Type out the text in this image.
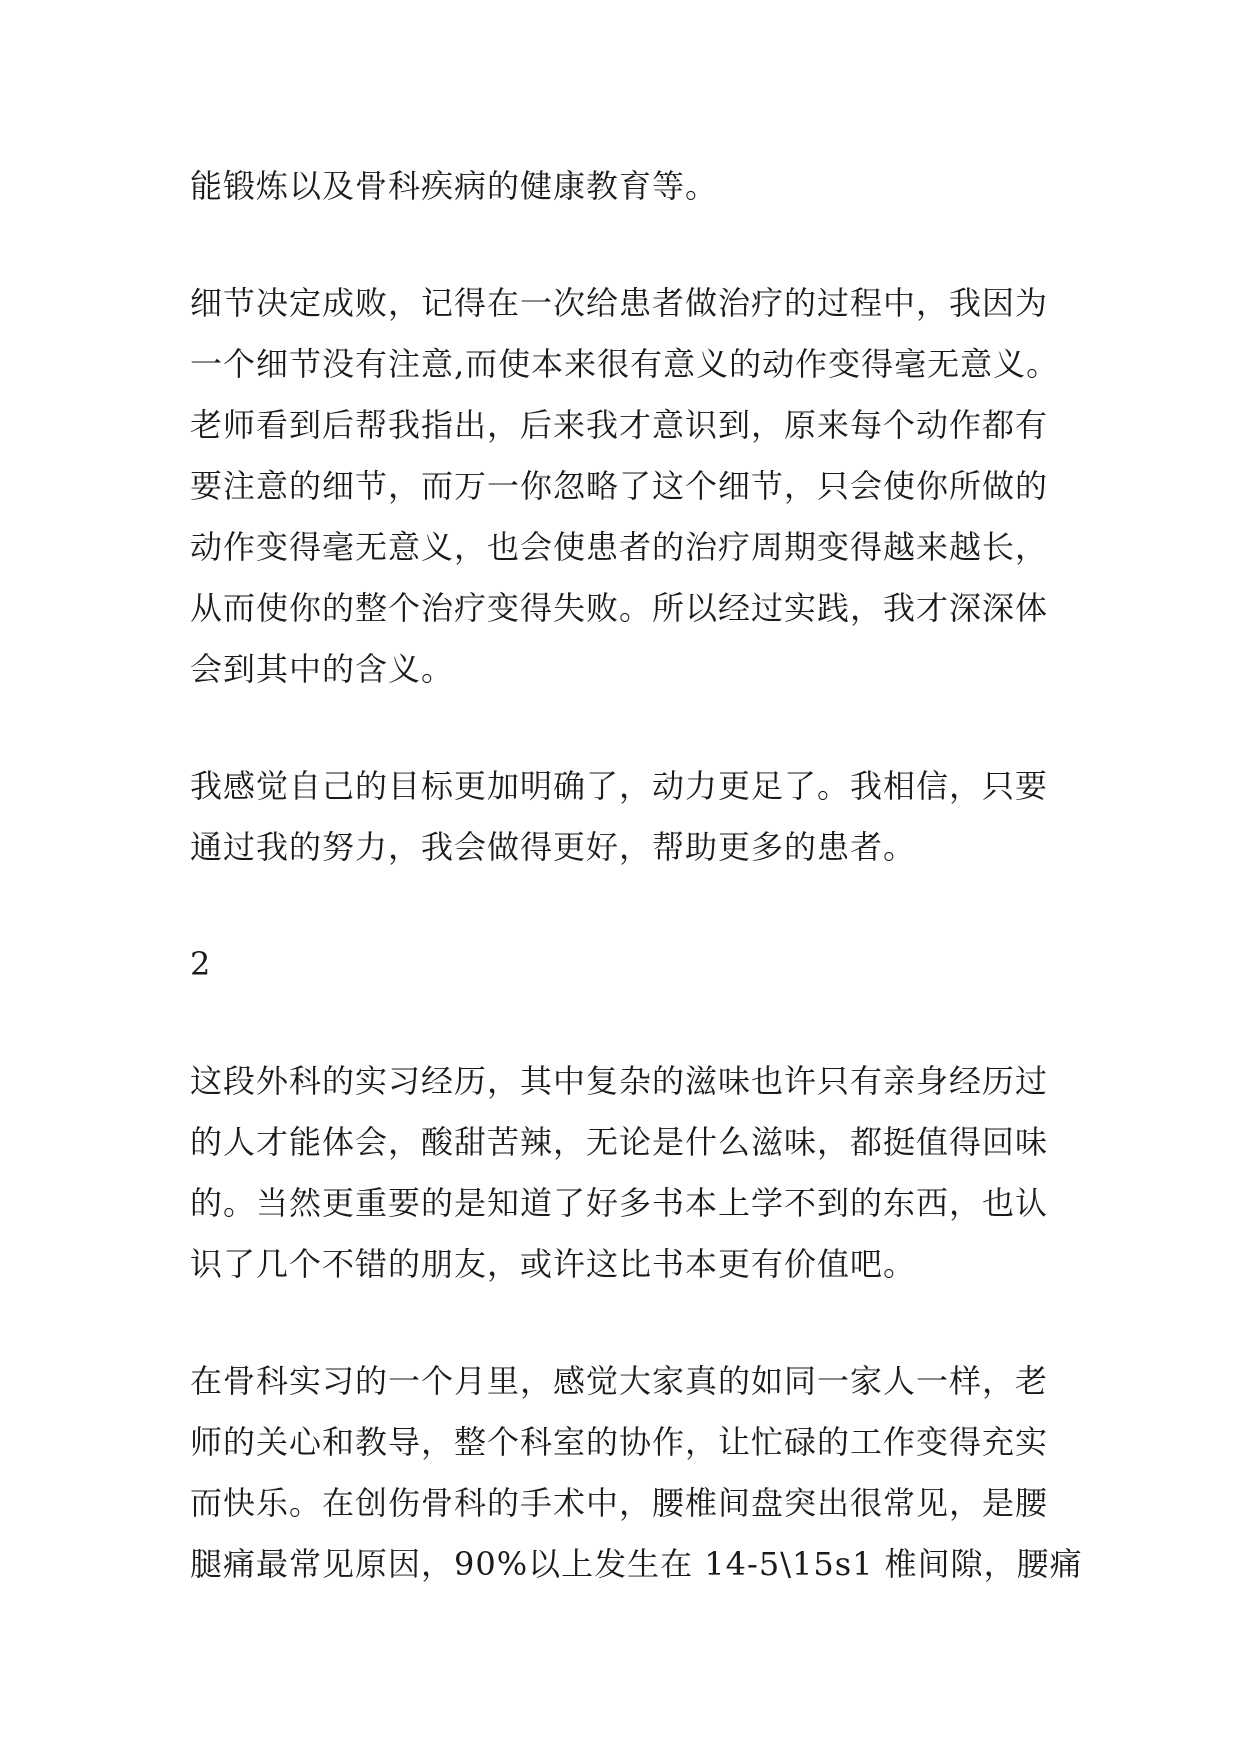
能锻炼以及骨科疾病的健康教育等。
细节决定成败，记得在一次给患者做治疗的过程中，我因为
一个细节没有注意,而使本来很有意义的动作变得毫无意义。
老师看到后帮我指出，后来我才意识到，原来每个动作都有
要注意的细节，而万一你忽略了这个细节，只会使你所做的
动作变得毫无意义，也会使患者的治疗周期变得越来越长，
从而使你的整个治疗变得失败。所以经过实践，我才深深体
会到其中的含义。
我感觉自己的目标更加明确了，动力更足了。我相信，只要
通过我的努力，我会做得更好，帮助更多的患者。
2
这段外科的实习经历，其中复杂的滋味也许只有亲身经历过
的人才能体会，酸甜苦辣，无论是什么滋味，都挺值得回味
的。当然更重要的是知道了好多书本上学不到的东西，也认
识了几个不错的朋友，或许这比书本更有价值吧。
在骨科实习的一个月里，感觉大家真的如同一家人一样，老
师的关心和教导，整个科室的协作，让忙碌的工作变得充实
而快乐。在创伤骨科的手术中，腰椎间盘突出很常见，是腰
腿痛最常见原因，90%以上发生在 14-5\15s1 椎间隙，腰痛
